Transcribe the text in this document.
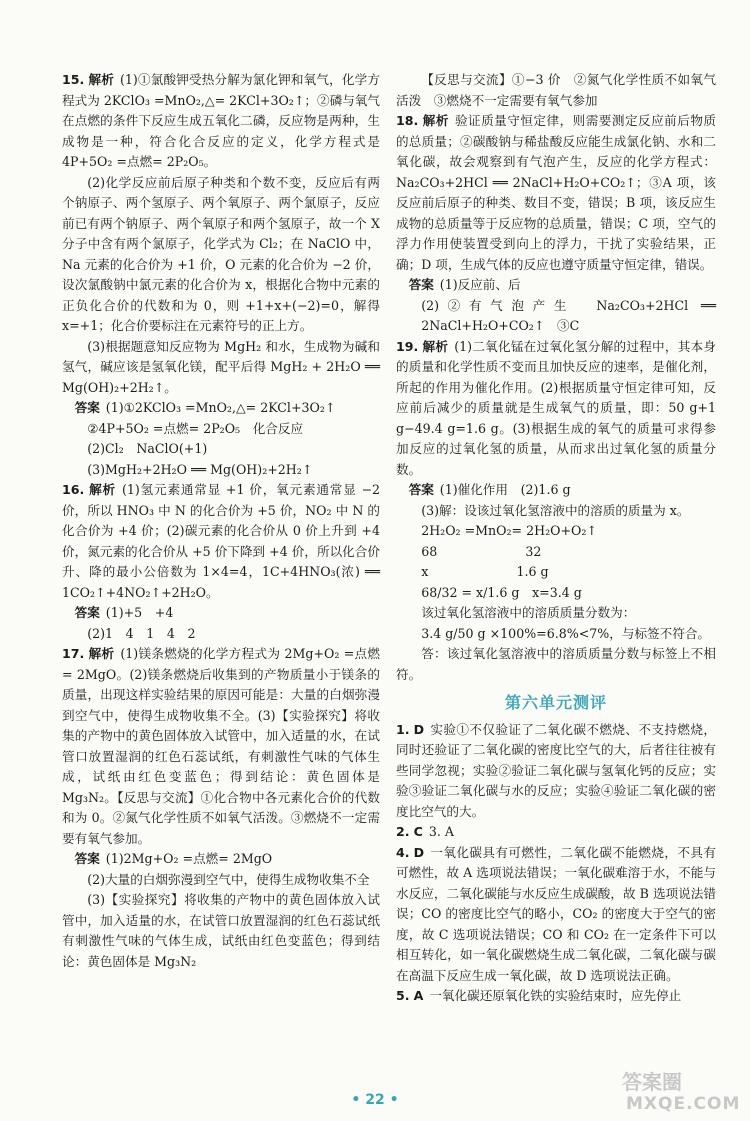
15. 解析 (1)①氯酸钾受热分解为氯化钾和氧气，化学方程式为 2KClO₃ =MnO₂,△= 2KCl+3O₂↑；②磷与氧气在点燃的条件下反应生成五氧化二磷，反应物是两种，生成物是一种，符合化合反应的定义，化学方程式是 4P+5O₂ =点燃= 2P₂O₅。
(2)化学反应前后原子种类和个数不变，反应后有两个钠原子、两个氢原子、两个氧原子、两个氯原子，反应前已有两个钠原子、两个氧原子和两个氢原子，故一个 X 分子中含有两个氯原子，化学式为 Cl₂；在 NaClO 中，Na 元素的化合价为 +1 价，O 元素的化合价为 −2 价，设次氯酸钠中氯元素的化合价为 x，根据化合物中元素的正负化合价的代数和为 0，则 +1+x+(−2)=0，解得 x=+1；化合价要标注在元素符号的正上方。
(3)根据题意知反应物为 MgH₂ 和水，生成物为碱和氢气，碱应该是氢氧化镁，配平后得 MgH₂ + 2H₂O ══ Mg(OH)₂+2H₂↑。
答案 (1)①2KClO₃ =MnO₂,△= 2KCl+3O₂↑
②4P+5O₂ =点燃= 2P₂O₅　化合反应
(2)Cl₂　NaClO(+1)
(3)MgH₂+2H₂O ══ Mg(OH)₂+2H₂↑
16. 解析 (1)氢元素通常显 +1 价，氧元素通常显 −2 价，所以 HNO₃ 中 N 的化合价为 +5 价，NO₂ 中 N 的化合价为 +4 价；(2)碳元素的化合价从 0 价上升到 +4 价，氮元素的化合价从 +5 价下降到 +4 价，所以化合价升、降的最小公倍数为 1×4=4，1C+4HNO₃(浓) ══ 1CO₂↑+4NO₂↑+2H₂O。
答案 (1)+5　+4
(2)1　4　1　4　2
17. 解析 (1)镁条燃烧的化学方程式为 2Mg+O₂ =点燃= 2MgO。(2)镁条燃烧后收集到的产物质量小于镁条的质量，出现这样实验结果的原因可能是：大量的白烟弥漫到空气中，使得生成物收集不全。(3)【实验探究】将收集的产物中的黄色固体放入试管中，加入适量的水，在试管口放置湿润的红色石蕊试纸，有刺激性气味的气体生成，试纸由红色变蓝色；得到结论：黄色固体是 Mg₃N₂。【反思与交流】①化合物中各元素化合价的代数和为 0。②氮气化学性质不如氧气活泼。③燃烧不一定需要有氧气参加。
答案 (1)2Mg+O₂ =点燃= 2MgO
(2)大量的白烟弥漫到空气中，使得生成物收集不全
(3)【实验探究】将收集的产物中的黄色固体放入试管中，加入适量的水，在试管口放置湿润的红色石蕊试纸　有刺激性气味的气体生成，试纸由红色变蓝色；得到结论：黄色固体是 Mg₃N₂
【反思与交流】①−3 价　②氮气化学性质不如氧气活泼　③燃烧不一定需要有氧气参加
18. 解析 验证质量守恒定律，则需要测定反应前后物质的总质量；②碳酸钠与稀盐酸反应能生成氯化钠、水和二氧化碳，故会观察到有气泡产生，反应的化学方程式：Na₂CO₃+2HCl ══ 2NaCl+H₂O+CO₂↑；③A 项，该反应前后原子的种类、数目不变，错误；B 项，该反应生成物的总质量等于反应物的总质量，错误；C 项，空气的浮力作用使装置受到向上的浮力，干扰了实验结果，正确；D 项，生成气体的反应也遵守质量守恒定律，错误。
答案 (1)反应前、后
(2)②有气泡产生　Na₂CO₃+2HCl ══ 2NaCl+H₂O+CO₂↑　③C
19. 解析 (1)二氧化锰在过氧化氢分解的过程中，其本身的质量和化学性质不变而且加快反应的速率，是催化剂，所起的作用为催化作用。(2)根据质量守恒定律可知，反应前后减少的质量就是生成氧气的质量，即：50 g+1 g−49.4 g=1.6 g。(3)根据生成的氧气的质量可求得参加反应的过氧化氢的质量，从而求出过氧化氢的质量分数。
答案 (1)催化作用　(2)1.6 g
(3)解：设该过氧化氢溶液中的溶质的质量为 x。
2H₂O₂ =MnO₂= 2H₂O+O₂↑
68　　　　　　　32
x　　　　　　　1.6 g
68/32 = x/1.6 g　x=3.4 g
该过氧化氢溶液中的溶质质量分数为：
3.4 g/50 g ×100%=6.8%<7%，与标签不符合。
答：该过氧化氢溶液中的溶质质量分数与标签上不相符。
第六单元测评
1. D 实验①不仅验证了二氧化碳不燃烧、不支持燃烧，同时还验证了二氧化碳的密度比空气的大，后者往往被有些同学忽视；实验②验证二氧化碳与氢氧化钙的反应；实验③验证二氧化碳与水的反应；实验④验证二氧化碳的密度比空气的大。
2. C 3. A
4. D 一氧化碳具有可燃性，二氧化碳不能燃烧，不具有可燃性，故 A 选项说法错误；一氧化碳难溶于水，不能与水反应，二氧化碳能与水反应生成碳酸，故 B 选项说法错误；CO 的密度比空气的略小，CO₂ 的密度大于空气的密度，故 C 选项说法错误；CO 和 CO₂ 在一定条件下可以相互转化，如一氧化碳燃烧生成二氧化碳，二氧化碳与碳在高温下反应生成一氧化碳，故 D 选项说法正确。
5. A 一氧化碳还原氧化铁的实验结束时，应先停止
• 22 •
答案圈
MXQE.COM
